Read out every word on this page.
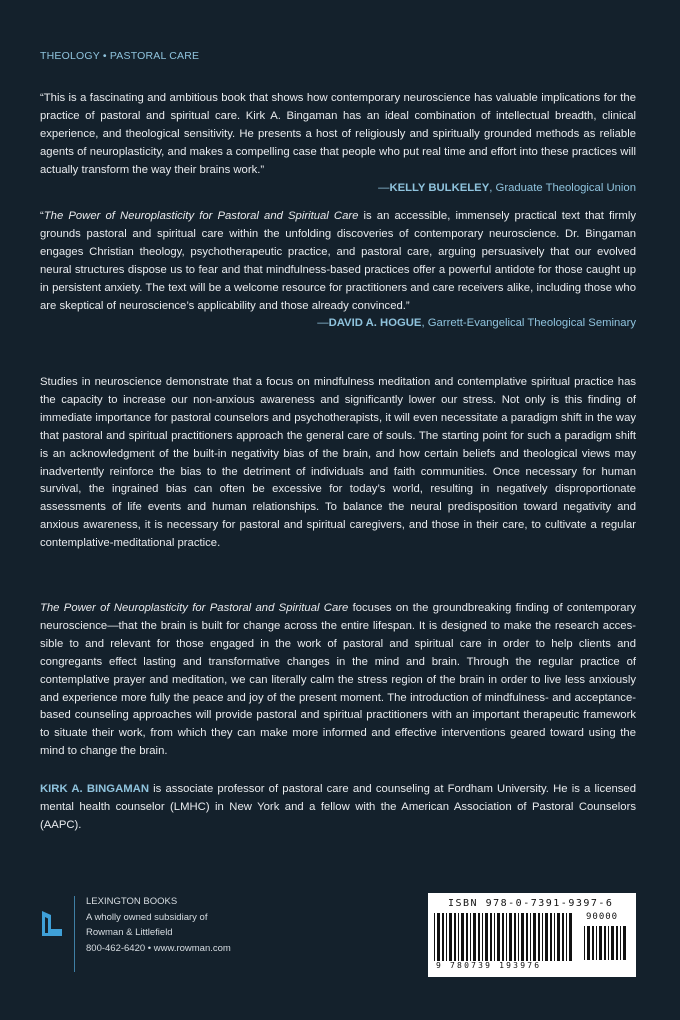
THEOLOGY • PASTORAL CARE

“This is a fascinating and ambitious book that shows how contemporary neuroscience has valuable implications for the practice of pastoral and spiritual care. Kirk A. Bingaman has an ideal combination of intellectual breadth, clinical experience, and theological sensitivity. He presents a host of religiously and spiritually grounded methods as reliable agents of neuroplasticity, and makes a compelling case that people who put real time and effort into these practices will actually transform the way their brains work.”

—KELLY BULKELEY, Graduate Theological Union

“The Power of Neuroplasticity for Pastoral and Spiritual Care is an accessible, immensely practical text that firmly grounds pastoral and spiritual care within the unfolding discoveries of contemporary neuroscience. Dr. Bingaman engages Christian theology, psychotherapeutic practice, and pastoral care, arguing persuasively that our evolved neural structures dispose us to fear and that mindfulness-based practices offer a powerful antidote for those caught up in persistent anxiety. The text will be a welcome resource for practitioners and care receivers alike, including those who are skeptical of neuroscience’s applicability and those already convinced.”

—DAVID A. HOGUE, Garrett-Evangelical Theological Seminary

Studies in neuroscience demonstrate that a focus on mindfulness meditation and contemplative spiritual practice has the capacity to increase our non-anxious awareness and significantly lower our stress. Not only is this finding of immediate importance for pastoral counselors and psychotherapists, it will even necessitate a paradigm shift in the way that pastoral and spiritual practitioners approach the general care of souls. The starting point for such a paradigm shift is an acknowledgment of the built-in negativity bias of the brain, and how certain beliefs and theological views may inadvertently reinforce the bias to the detriment of individuals and faith communities. Once necessary for human survival, the ingrained bias can often be excessive for today’s world, resulting in negatively disproportionate assessments of life events and human relationships. To balance the neural predisposition toward negativity and anxious awareness, it is necessary for pastoral and spiritual caregivers, and those in their care, to cultivate a regular contemplative-meditational practice.

The Power of Neuroplasticity for Pastoral and Spiritual Care focuses on the groundbreaking finding of contemporary neuroscience—that the brain is built for change across the entire lifespan. It is designed to make the research accessible to and relevant for those engaged in the work of pastoral and spiritual care in order to help clients and congregants effect lasting and transformative changes in the mind and brain. Through the regular practice of contemplative prayer and meditation, we can literally calm the stress region of the brain in order to live less anxiously and experience more fully the peace and joy of the present moment. The introduction of mindfulness- and acceptance-based counseling approaches will provide pastoral and spiritual practitioners with an important therapeutic framework to situate their work, from which they can make more informed and effective interventions geared toward using the mind to change the brain.

KIRK A. BINGAMAN is associate professor of pastoral care and counseling at Fordham University. He is a licensed mental health counselor (LMHC) in New York and a fellow with the American Association of Pastoral Counselors (AAPC).

LEXINGTON BOOKS
A wholly owned subsidiary of
Rowman & Littlefield
800-462-6420 • www.rowman.com
ISBN 978-0-7391-9397-6
90000
9 780739 193976
